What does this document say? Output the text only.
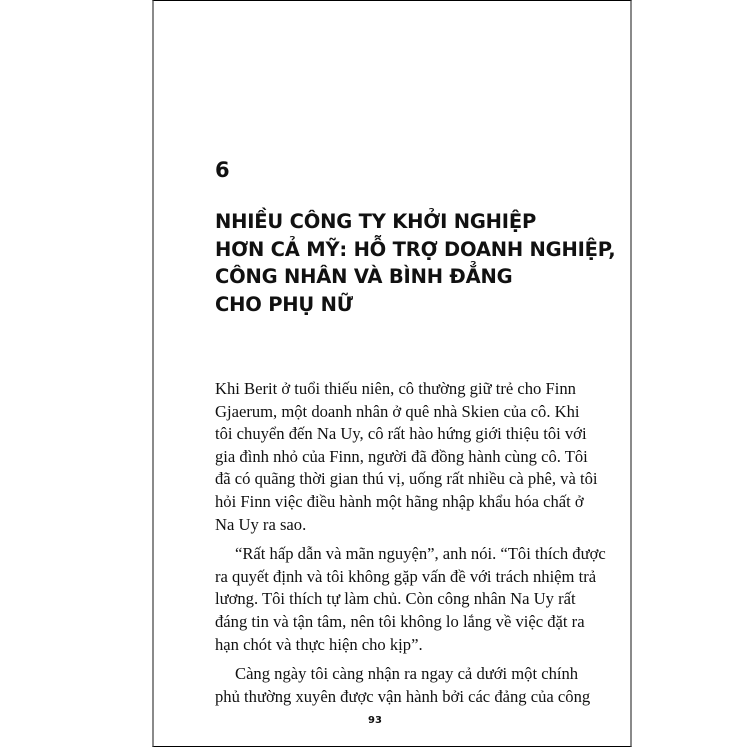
6
NHIỀU CÔNG TY KHỞI NGHIỆP
HƠN CẢ MỸ: HỖ TRỢ DOANH NGHIỆP,
CÔNG NHÂN VÀ BÌNH ĐẲNG
CHO PHỤ NỮ
Khi Berit ở tuổi thiếu niên, cô thường giữ trẻ cho Finn
Gjaerum, một doanh nhân ở quê nhà Skien của cô. Khi
tôi chuyển đến Na Uy, cô rất hào hứng giới thiệu tôi với
gia đình nhỏ của Finn, người đã đồng hành cùng cô. Tôi
đã có quãng thời gian thú vị, uống rất nhiều cà phê, và tôi
hỏi Finn việc điều hành một hãng nhập khẩu hóa chất ở
Na Uy ra sao.
“Rất hấp dẫn và mãn nguyện”, anh nói. “Tôi thích được
ra quyết định và tôi không gặp vấn đề với trách nhiệm trả
lương. Tôi thích tự làm chủ. Còn công nhân Na Uy rất
đáng tin và tận tâm, nên tôi không lo lắng về việc đặt ra
hạn chót và thực hiện cho kịp”.
Càng ngày tôi càng nhận ra ngay cả dưới một chính
phủ thường xuyên được vận hành bởi các đảng của công
93
